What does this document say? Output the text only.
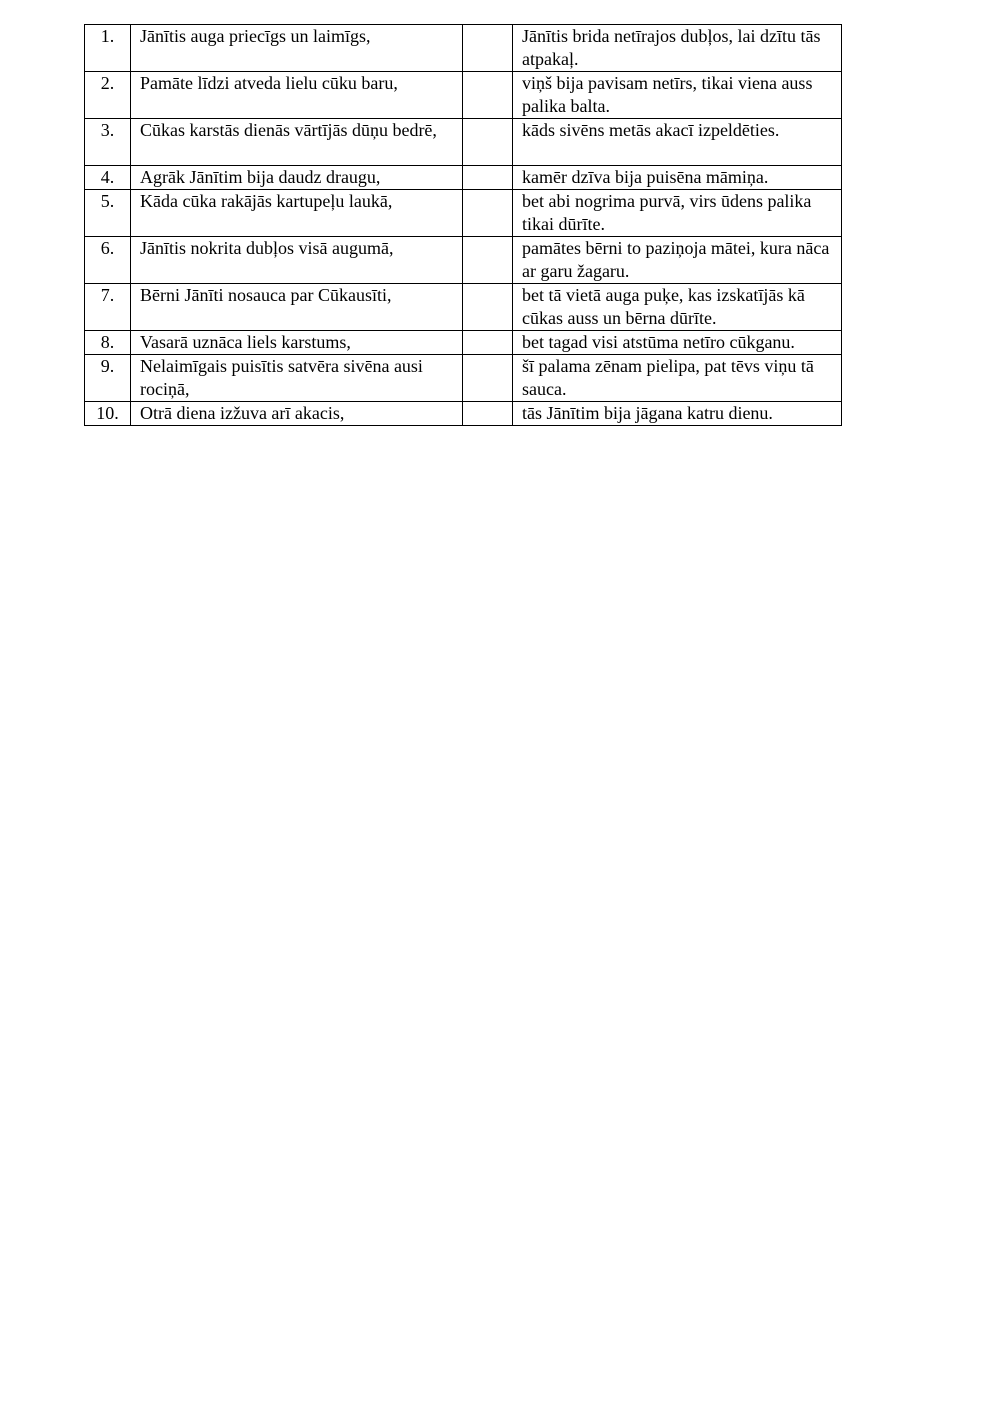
1.	Jānītis auga priecīgs un laimīgs,		Jānītis brida netīrajos dubļos, lai dzītu tās atpakaļ.
2.	Pamāte līdzi atveda lielu cūku baru,		viņš bija pavisam netīrs, tikai viena auss palika balta.
3.	Cūkas karstās dienās vārtījās dūņu bedrē,		kāds sivēns metās akacī izpeldēties.
4.	Agrāk Jānītim bija daudz draugu,		kamēr dzīva bija puisēna māmiņa.
5.	Kāda cūka rakājās kartupeļu laukā,		bet abi nogrima purvā, virs ūdens palika tikai dūrīte.
6.	Jānītis nokrita dubļos visā augumā,		pamātes bērni to paziņoja mātei, kura nāca ar garu žagaru.
7.	Bērni Jānīti nosauca par Cūkausīti,		bet tā vietā auga puķe, kas izskatījās kā cūkas auss un bērna dūrīte.
8.	Vasarā uznāca liels karstums,		bet tagad visi atstūma netīro cūkganu.
9.	Nelaimīgais puisītis satvēra sivēna ausi rociņā,		šī palama zēnam pielipa, pat tēvs viņu tā sauca.
10.	Otrā diena izžuva arī akacis,		tās Jānītim bija jāgana katru dienu.
